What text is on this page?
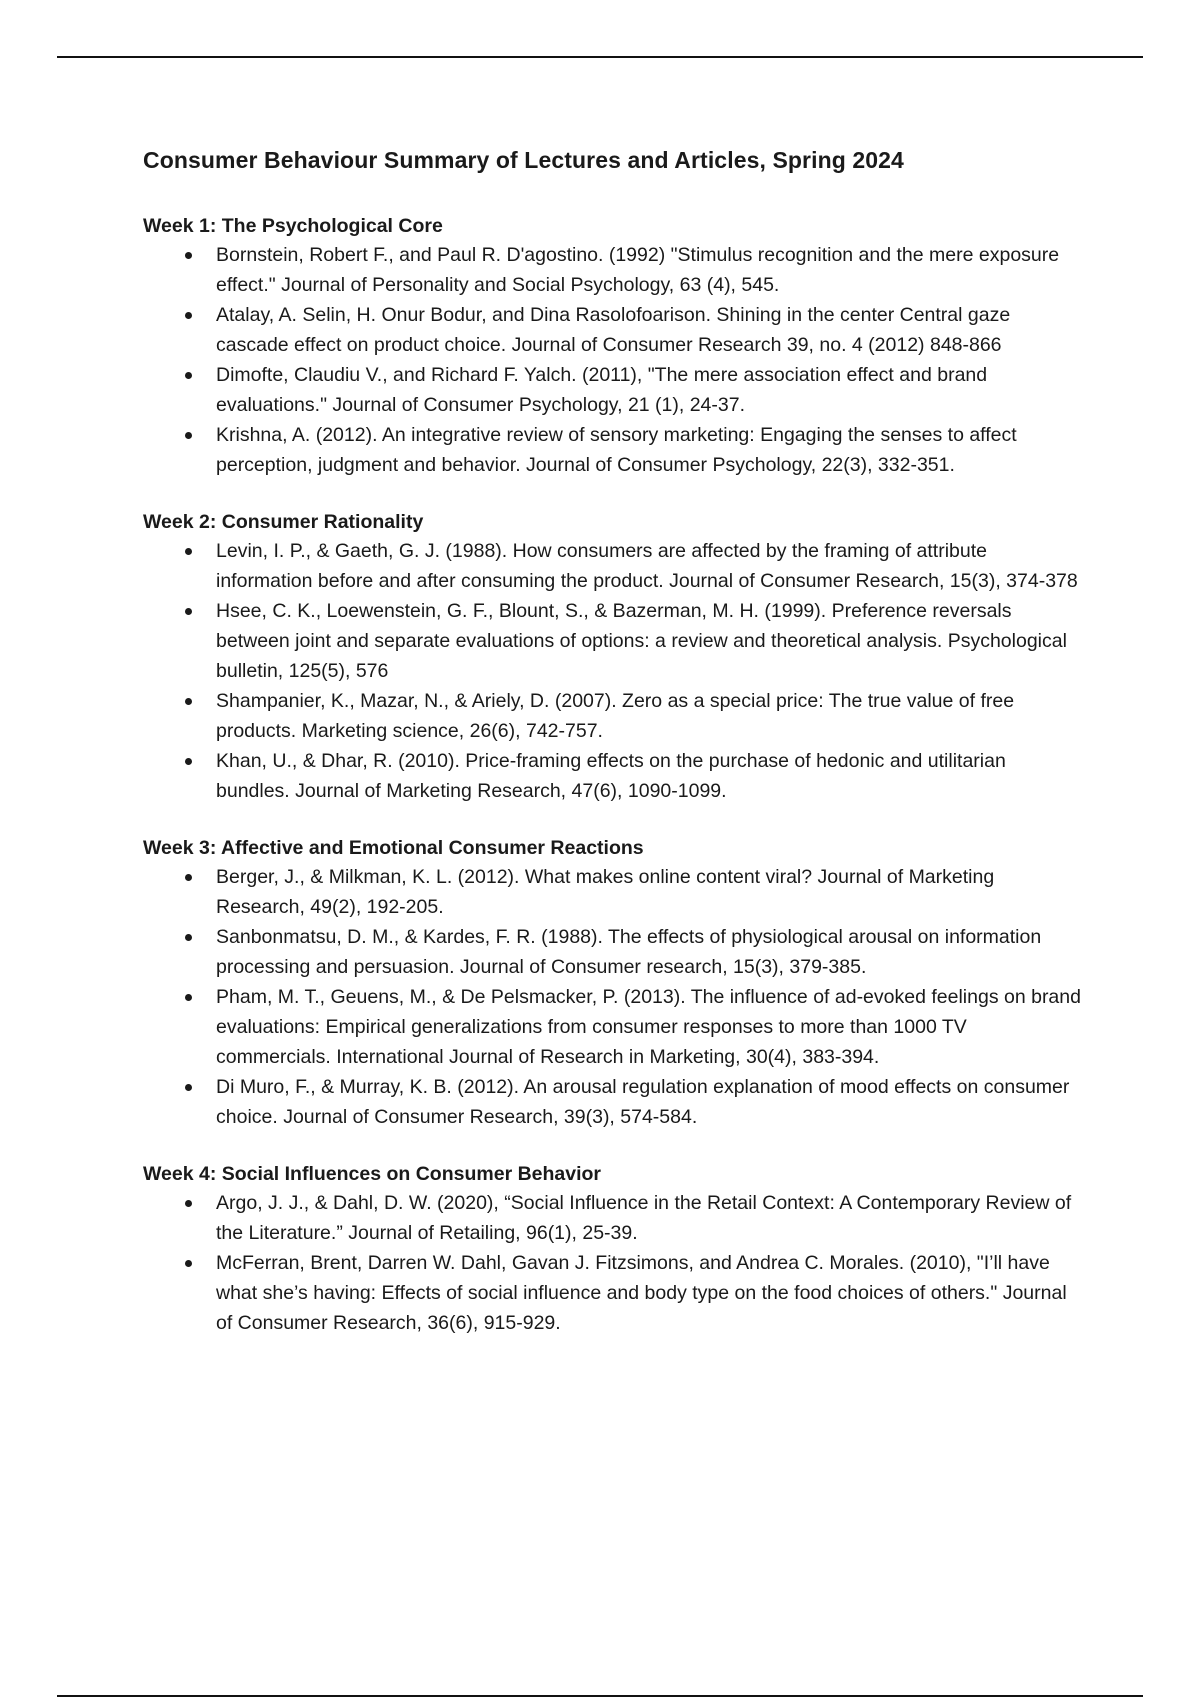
Consumer Behaviour Summary of Lectures and Articles, Spring 2024
Week 1: The Psychological Core
Bornstein, Robert F., and Paul R. D'agostino. (1992) "Stimulus recognition and the mere exposure effect." Journal of Personality and Social Psychology, 63 (4), 545.
Atalay, A. Selin, H. Onur Bodur, and Dina Rasolofoarison. Shining in the center Central gaze cascade effect on product choice. Journal of Consumer Research 39, no. 4 (2012) 848-866
Dimofte, Claudiu V., and Richard F. Yalch. (2011), "The mere association effect and brand evaluations." Journal of Consumer Psychology, 21 (1), 24-37.
Krishna, A. (2012). An integrative review of sensory marketing: Engaging the senses to affect perception, judgment and behavior. Journal of Consumer Psychology, 22(3), 332-351.
Week 2: Consumer Rationality
Levin, I. P., & Gaeth, G. J. (1988). How consumers are affected by the framing of attribute information before and after consuming the product. Journal of Consumer Research, 15(3), 374-378
Hsee, C. K., Loewenstein, G. F., Blount, S., & Bazerman, M. H. (1999). Preference reversals between joint and separate evaluations of options: a review and theoretical analysis. Psychological bulletin, 125(5), 576
Shampanier, K., Mazar, N., & Ariely, D. (2007). Zero as a special price: The true value of free products. Marketing science, 26(6), 742-757.
Khan, U., & Dhar, R. (2010). Price-framing effects on the purchase of hedonic and utilitarian bundles. Journal of Marketing Research, 47(6), 1090-1099.
Week 3: Affective and Emotional Consumer Reactions
Berger, J., & Milkman, K. L. (2012). What makes online content viral? Journal of Marketing Research, 49(2), 192-205.
Sanbonmatsu, D. M., & Kardes, F. R. (1988). The effects of physiological arousal on information processing and persuasion. Journal of Consumer research, 15(3), 379-385.
Pham, M. T., Geuens, M., & De Pelsmacker, P. (2013). The influence of ad-evoked feelings on brand evaluations: Empirical generalizations from consumer responses to more than 1000 TV commercials. International Journal of Research in Marketing, 30(4), 383-394.
Di Muro, F., & Murray, K. B. (2012). An arousal regulation explanation of mood effects on consumer choice. Journal of Consumer Research, 39(3), 574-584.
Week 4: Social Influences on Consumer Behavior
Argo, J. J., & Dahl, D. W. (2020), “Social Influence in the Retail Context: A Contemporary Review of the Literature.” Journal of Retailing, 96(1), 25-39.
McFerran, Brent, Darren W. Dahl, Gavan J. Fitzsimons, and Andrea C. Morales. (2010), "I’ll have what she’s having: Effects of social influence and body type on the food choices of others." Journal of Consumer Research, 36(6), 915-929.
